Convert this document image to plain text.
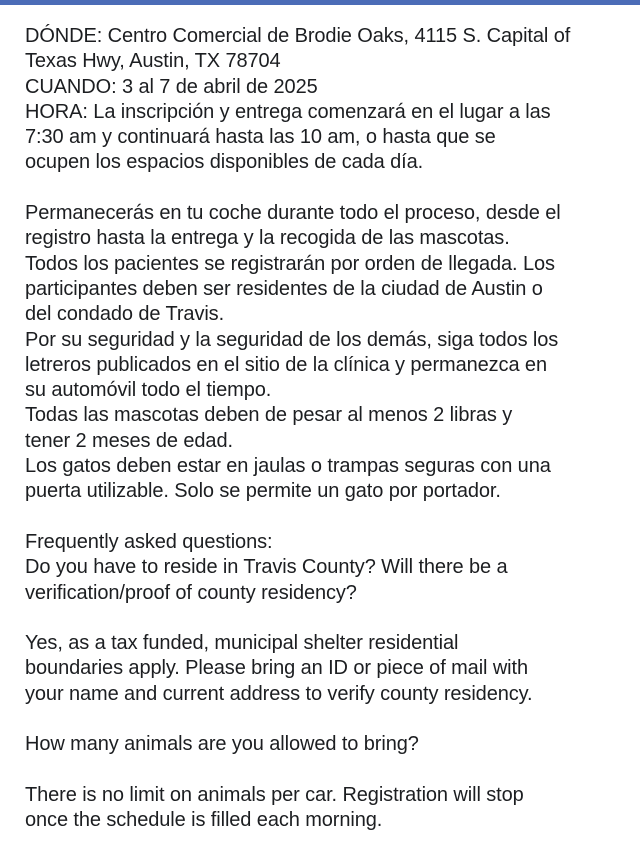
DÓNDE: Centro Comercial de Brodie Oaks, 4115 S. Capital of
Texas Hwy, Austin, TX 78704
CUANDO: 3 al 7 de abril de 2025
HORA: La inscripción y entrega comenzará en el lugar a las
7:30 am y continuará hasta las 10 am, o hasta que se
ocupen los espacios disponibles de cada día.
Permanecerás en tu coche durante todo el proceso, desde el
registro hasta la entrega y la recogida de las mascotas.
Todos los pacientes se registrarán por orden de llegada. Los
participantes deben ser residentes de la ciudad de Austin o
del condado de Travis.
Por su seguridad y la seguridad de los demás, siga todos los
letreros publicados en el sitio de la clínica y permanezca en
su automóvil todo el tiempo.
Todas las mascotas deben de pesar al menos 2 libras y
tener 2 meses de edad.
Los gatos deben estar en jaulas o trampas seguras con una
puerta utilizable. Solo se permite un gato por portador.
Frequently asked questions:
Do you have to reside in Travis County? Will there be a
verification/proof of county residency?
Yes, as a tax funded, municipal shelter residential
boundaries apply. Please bring an ID or piece of mail with
your name and current address to verify county residency.
How many animals are you allowed to bring?
There is no limit on animals per car. Registration will stop
once the schedule is filled each morning.
